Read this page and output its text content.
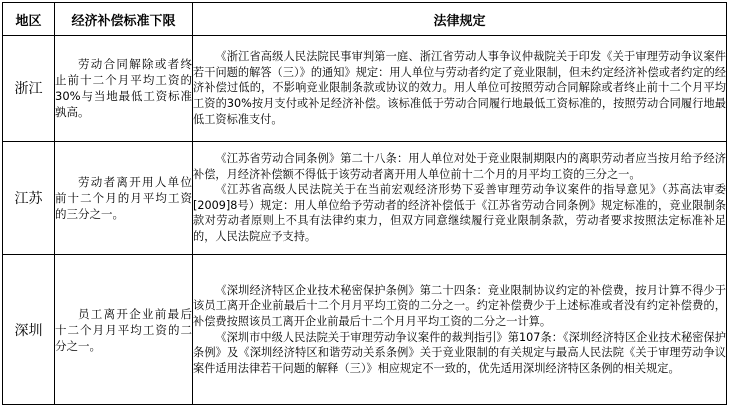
地区	经济补偿标准下限	法律规定
浙江	劳动合同解除或者终止前十二个月平均工资的30%与当地最低工资标准孰高。	《浙江省高级人民法院民事审判第一庭、浙江省劳动人事争议仲裁院关于印发《关于审理劳动争议案件若干问题的解答（三）》的通知》规定：用人单位与劳动者约定了竞业限制，但未约定经济补偿或者约定的经济补偿过低的，不影响竞业限制条款或协议的效力。用人单位可按照劳动合同解除或者终止前十二个月平均工资的30%按月支付或补足经济补偿。该标准低于劳动合同履行地最低工资标准的，按照劳动合同履行地最低工资标准支付。

江苏	劳动者离开用人单位前十二个月的月平均工资的三分之一。	《江苏省劳动合同条例》第二十八条：用人单位对处于竞业限制期限内的离职劳动者应当按月给予经济补偿，月经济补偿额不得低于该劳动者离开用人单位前十二个月的月平均工资的三分之一。
《江苏省高级人民法院关于在当前宏观经济形势下妥善审理劳动争议案件的指导意见》（苏高法审委[2009]8号）规定：用人单位给予劳动者的经济补偿低于《江苏省劳动合同条例》规定标准的，竞业限制条款对劳动者原则上不具有法律约束力，但双方同意继续履行竞业限制条款，劳动者要求按照法定标准补足的，人民法院应予支持。

深圳	员工离开企业前最后十二个月月平均工资的二分之一。	《深圳经济特区企业技术秘密保护条例》第二十四条：竞业限制协议约定的补偿费，按月计算不得少于该员工离开企业前最后十二个月月平均工资的二分之一。约定补偿费少于上述标准或者没有约定补偿费的，补偿费按照该员工离开企业前最后十二个月月平均工资的二分之一计算。
《深圳市中级人民法院关于审理劳动争议案件的裁判指引》第107条：《深圳经济特区企业技术秘密保护条例》及《深圳经济特区和谐劳动关系条例》关于竞业限制的有关规定与最高人民法院《关于审理劳动争议案件适用法律若干问题的解释（三）》相应规定不一致的，优先适用深圳经济特区条例的相关规定。
